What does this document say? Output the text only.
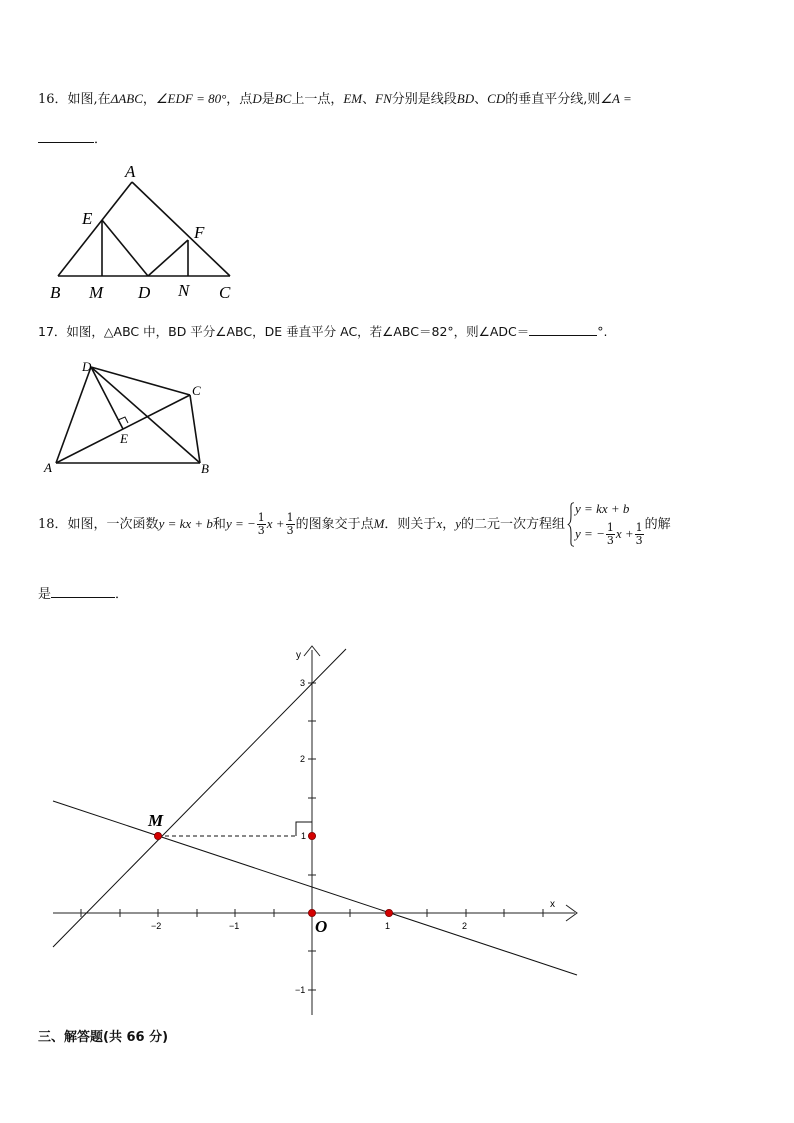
16．如图,在ΔABC，∠EDF = 80°，点D是BC上一点，EM、FN分别是线段BD、CD的垂直平分线,则∠A =
．
A
E
F
B M D N C
17．如图，△ABC 中，BD 平分∠ABC，DE 垂直平分 AC，若∠ABC＝82°，则∠ADC＝	°.
D
C
E
A	B
18．如图，一次函数y = kx + b和y = − $\frac{1}{3}$ $x + \frac{1}{3}$ 的图象交于点M．则关于x，y的二元一次方程组
y = kx + b
y = − $\frac{1}{3}$ $x + \frac{1}{3}$ 的解
是	．
−2	−1	1	2
3
2
1
−1
x
y
M
O
三、解答题(共 66 分)
